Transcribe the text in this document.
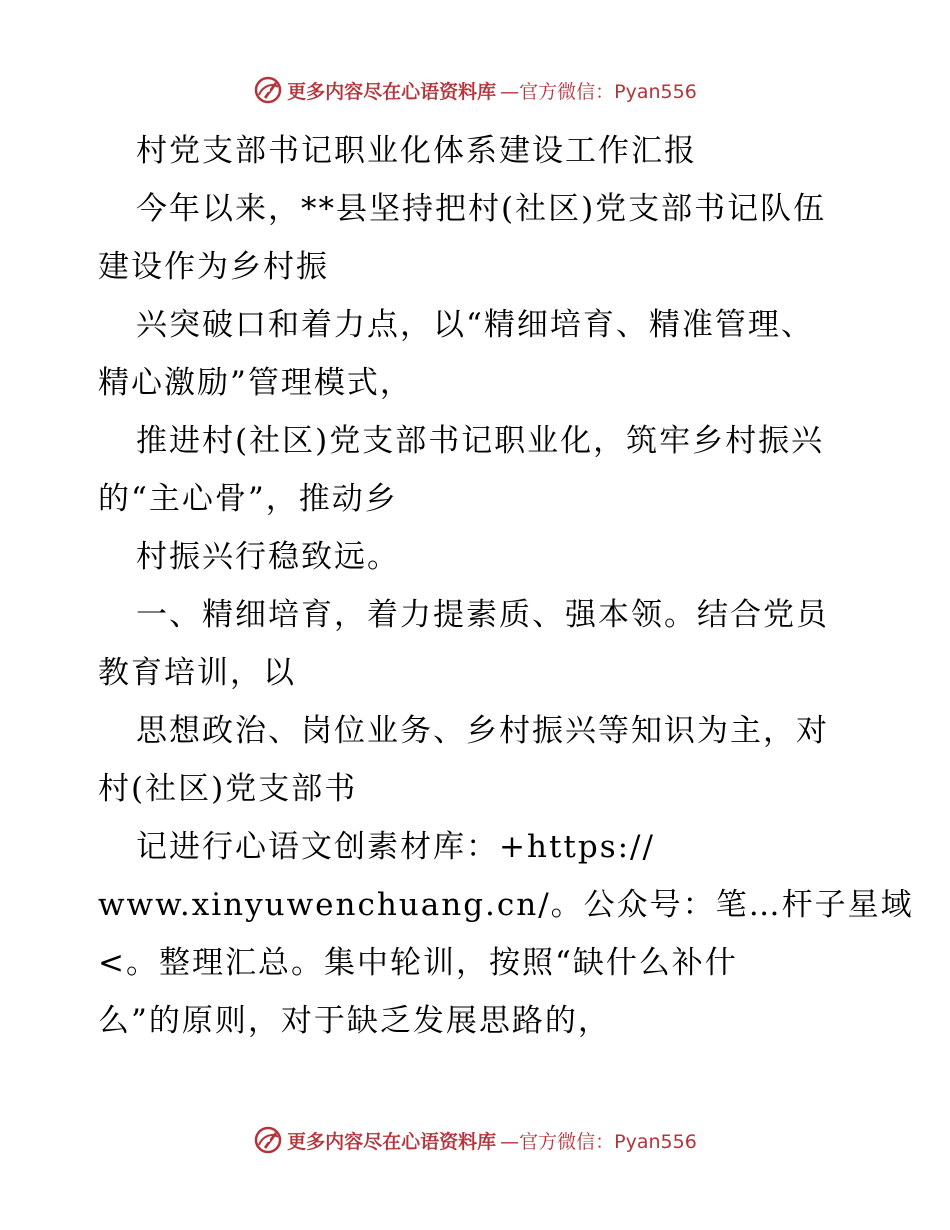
更多内容尽在心语资料库 —官方微信：Pyan556
村党支部书记职业化体系建设工作汇报
今年以来，**县坚持把村(社区)党支部书记队伍
建设作为乡村振
兴突破口和着力点，以“精细培育、精准管理、
精心激励”管理模式，
推进村(社区)党支部书记职业化，筑牢乡村振兴
的“主心骨”，推动乡
村振兴行稳致远。
一、精细培育，着力提素质、强本领。结合党员
教育培训，以
思想政治、岗位业务、乡村振兴等知识为主，对
村(社区)党支部书
记进行心语文创素材库：+https://
www.xinyuwenchuang.cn/。公众号：笔…杆子星域
<。整理汇总。集中轮训，按照“缺什么补什
么”的原则，对于缺乏发展思路的，
更多内容尽在心语资料库 —官方微信：Pyan556
